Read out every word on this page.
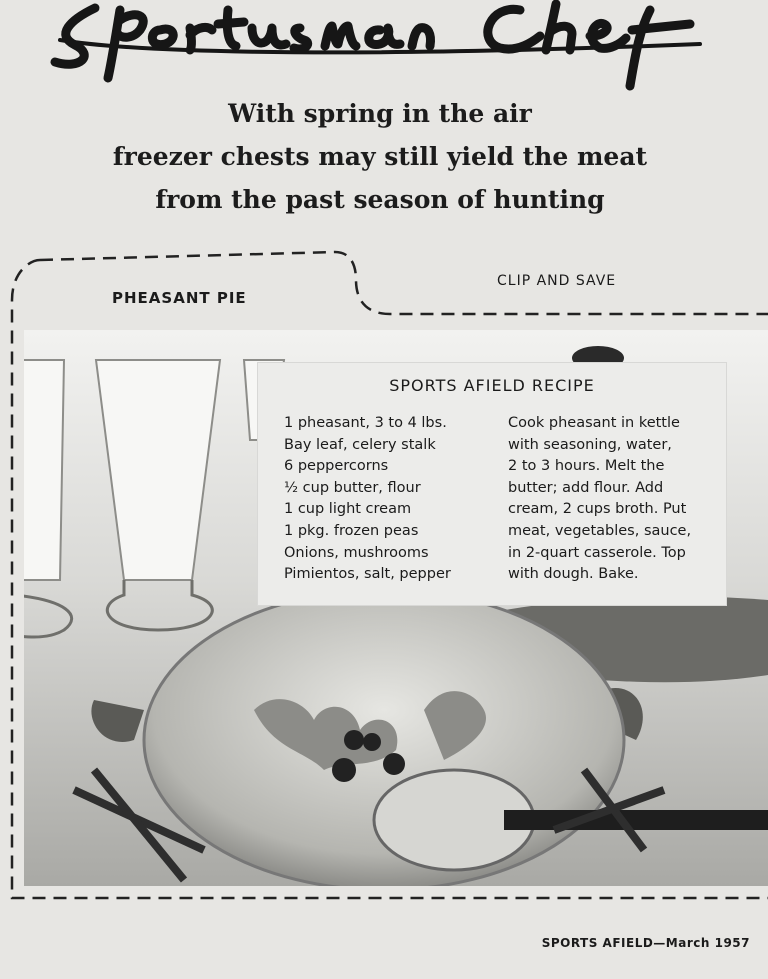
With spring in the air
freezer chests may still yield the meat
from the past season of hunting
PHEASANT PIE
CLIP AND SAVE
SPORTS AFIELD RECIPE
1 pheasant, 3 to 4 lbs.
Bay leaf, celery stalk
6 peppercorns
½ cup butter, flour
1 cup light cream
1 pkg. frozen peas
Onions, mushrooms
Pimientos, salt, pepper

Cook pheasant in kettle
with seasoning, water,
2 to 3 hours. Melt the
butter; add flour. Add
cream, 2 cups broth. Put
meat, vegetables, sauce,
in 2-quart casserole. Top
with dough. Bake.

SPORTS AFIELD—March 1957
